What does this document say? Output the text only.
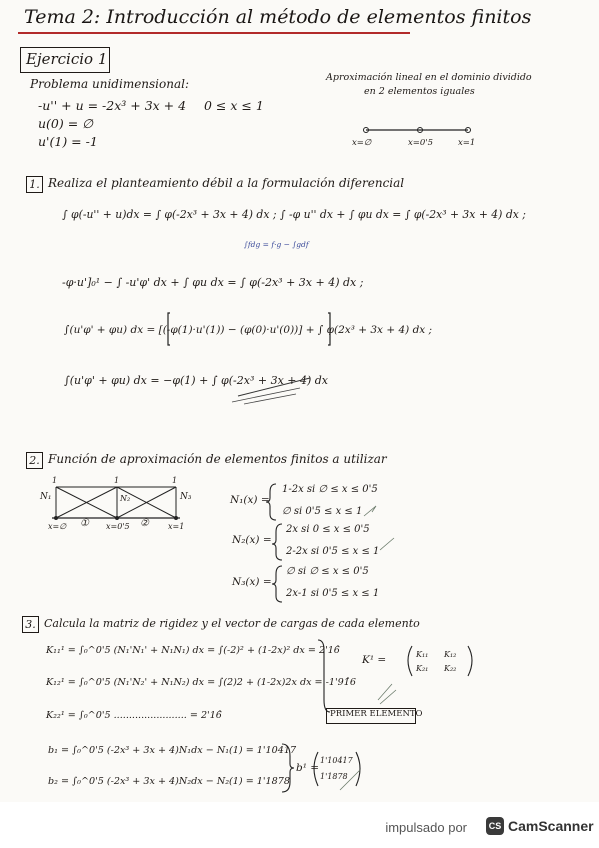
Tema 2: Introducción al método de elementos finitos
Ejercicio 1
Problema unidimensional:
-u'' + u = -2x³ + 3x + 4 0 ≤ x ≤ 1
u(0) = ∅
u'(1) = -1
Aproximación lineal en el dominio dividido
en 2 elementos iguales
x=∅	x=0'5	x=1
1. Realiza el planteamiento débil a la formulación diferencial
∫ φ(-u'' + u)dx = ∫ φ(-2x³ + 3x + 4) dx ; ∫ -φ u'' dx + ∫ φu dx = ∫ φ(-2x³ + 3x + 4) dx ;
∫fdg = f·g − ∫gdf
-φ·u']₀¹ − ∫ -u'φ' dx + ∫ φu dx = ∫ φ(-2x³ + 3x + 4) dx ;
∫(u'φ' + φu) dx = [(-φ(1)·u'(1)) − (φ(0)·u'(0))] + ∫ φ(2x³ + 3x + 4) dx ;
∫(u'φ' + φu) dx = −φ(1) + ∫ φ(-2x³ + 3x + 4) dx
2. Función de aproximación de elementos finitos a utilizar
1	1	1
N₁	N₂	N₃
x=∅	x=0'5	x=1
①	②
N₁(x) =
1-2x si ∅ ≤ x ≤ 0'5
∅ si 0'5 ≤ x ≤ 1
N₂(x) =
2x si 0 ≤ x ≤ 0'5
2-2x si 0'5 ≤ x ≤ 1
N₃(x) =
∅ si ∅ ≤ x ≤ 0'5
2x-1 si 0'5 ≤ x ≤ 1
3. Calcula la matriz de rigidez y el vector de cargas de cada elemento
K₁₁¹ = ∫₀^0'5 (N₁'N₁' + N₁N₁) dx = ∫(-2)² + (1-2x)² dx = 2'16̂
K₁₂¹ = ∫₀^0'5 (N₁'N₂' + N₁N₂) dx = ∫(2)2 + (1-2x)2x dx = -1'91̂6
K₂₂¹ = ∫₀^0'5 ........................ = 2'16̂
K¹ =	K₁₁ K₁₂
K₂₁ K₂₂
PRIMER ELEMENTO
b₁ = ∫₀^0'5 (-2x³ + 3x + 4)N₁dx − N₁(1) = 1'10417
b₂ = ∫₀^0'5 (-2x³ + 3x + 4)N₂dx − N₂(1) = 1'1878
b¹ =
1'10417
1'1878
impulsado por	CS CamScanner
